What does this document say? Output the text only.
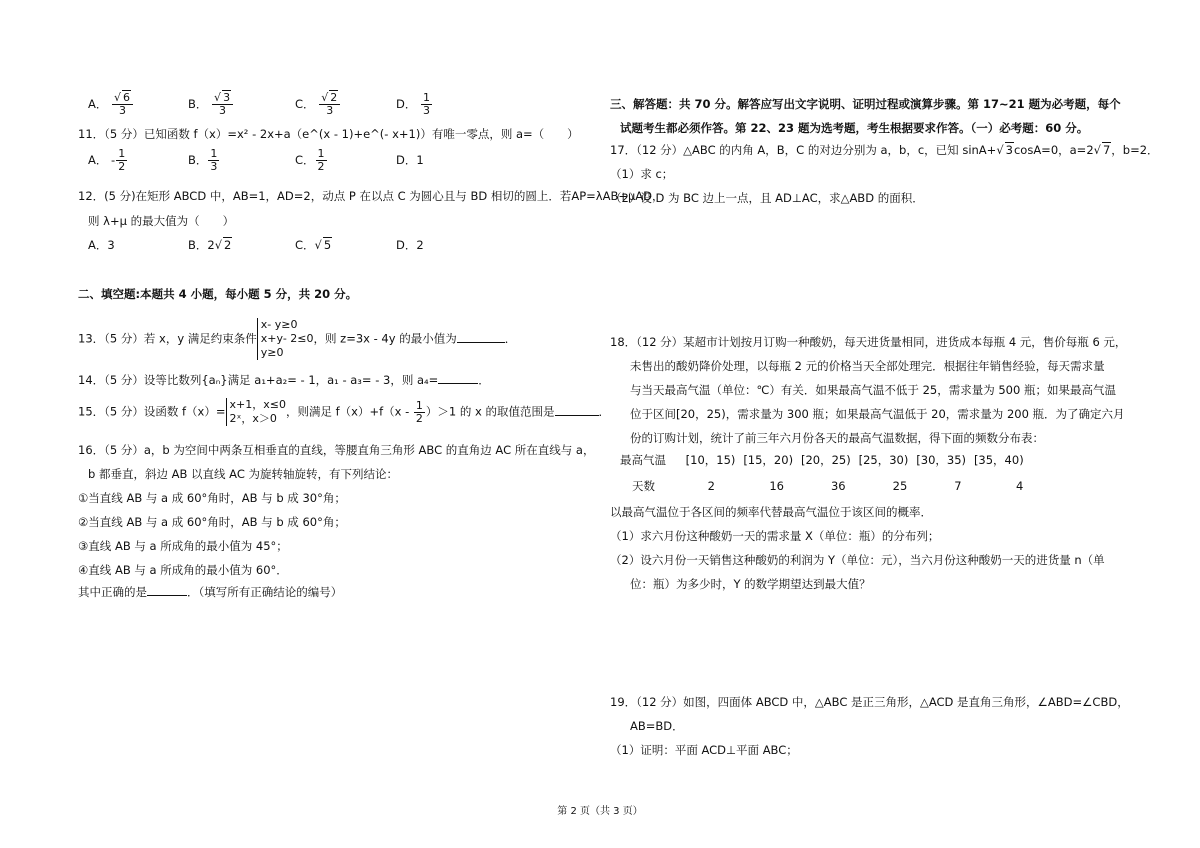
A． $\frac{√ 6}{3}$	B． $\frac{√ 3}{3}$	C． $\frac{√ 2}{3}$	D． $\frac{1}{3}$
11．（5 分）已知函数 f（x）=x² - 2x+a（e^(x - 1)+e^(- x+1)）有唯一零点，则 a=（　　）
A． - $\frac{1}{2}$	B． $\frac{1}{3}$	C． $\frac{1}{2}$	D．1
12．(5 分)在矩形 ABCD 中，AB=1，AD=2，动点 P 在以点 C 为圆心且与 BD 相切的圆上．若AP=λAB+μAD，
则 λ+μ 的最大值为（　　）
A．3	B．2√ 2	C．√ 5	D．2
二、填空题:本题共 4 小题，每小题 5 分，共 20 分。
13．（5 分）若 x，y 满足约束条件
x- y≥0
x+y- 2≤0
y≥0
，则 z=3x - 4y 的最小值为	．
14．（5 分）设等比数列{aₙ}满足 a₁+a₂= - 1，a₁ - a₃= - 3，则 a₄=	．
15．（5 分）设函数 f（x）= x+1，x≤0
2ˣ，x＞0 ，则满足 $f(x)+f(x - \frac{1}{2} )>1$ 的 x 的取值范围是	．
16．（5 分）a，b 为空间中两条互相垂直的直线，等腰直角三角形 ABC 的直角边 AC 所在直线与 a，
b 都垂直，斜边 AB 以直线 AC 为旋转轴旋转，有下列结论：
①当直线 AB 与 a 成 60°角时，AB 与 b 成 30°角；
②当直线 AB 与 a 成 60°角时，AB 与 b 成 60°角；
③直线 AB 与 a 所成角的最小值为 45°；
④直线 AB 与 a 所成角的最小值为 60°．
其中正确的是	．（填写所有正确结论的编号）
三、解答题：共 70 分。解答应写出文字说明、证明过程或演算步骤。第 17~21 题为必考题，每个
试题考生都必须作答。第 22、23 题为选考题，考生根据要求作答。（一）必考题：60 分。
17．（12 分）△ABC 的内角 A，B，C 的对边分别为 a，b，c，已知 sinA+√ 3cosA=0，a=2√ 7，b=2．
（1）求 c；
（2）设 D 为 BC 边上一点，且 AD⊥AC，求△ABD 的面积．
18．（12 分）某超市计划按月订购一种酸奶，每天进货量相同，进货成本每瓶 4 元，售价每瓶 6 元，
未售出的酸奶降价处理，以每瓶 2 元的价格当天全部处理完．根据往年销售经验，每天需求量
与当天最高气温（单位：℃）有关．如果最高气温不低于 25，需求量为 500 瓶；如果最高气温
位于区间[20，25)，需求量为 300 瓶；如果最高气温低于 20，需求量为 200 瓶．为了确定六月
份的订购计划，统计了前三年六月份各天的最高气温数据，得下面的频数分布表：
最高气温 [10，15) [15，20) [20，25) [25，30) [30，35) [35，40)
天数	2	16	36	25	7	4
以最高气温位于各区间的频率代替最高气温位于该区间的概率．
（1）求六月份这种酸奶一天的需求量 X（单位：瓶）的分布列；
（2）设六月份一天销售这种酸奶的利润为 Y（单位：元），当六月份这种酸奶一天的进货量 n（单
位：瓶）为多少时，Y 的数学期望达到最大值？
19．（12 分）如图，四面体 ABCD 中，△ABC 是正三角形，△ACD 是直角三角形，∠ABD=∠CBD，
AB=BD．
（1）证明：平面 ACD⊥平面 ABC；
第 2 页（共 3 页）
